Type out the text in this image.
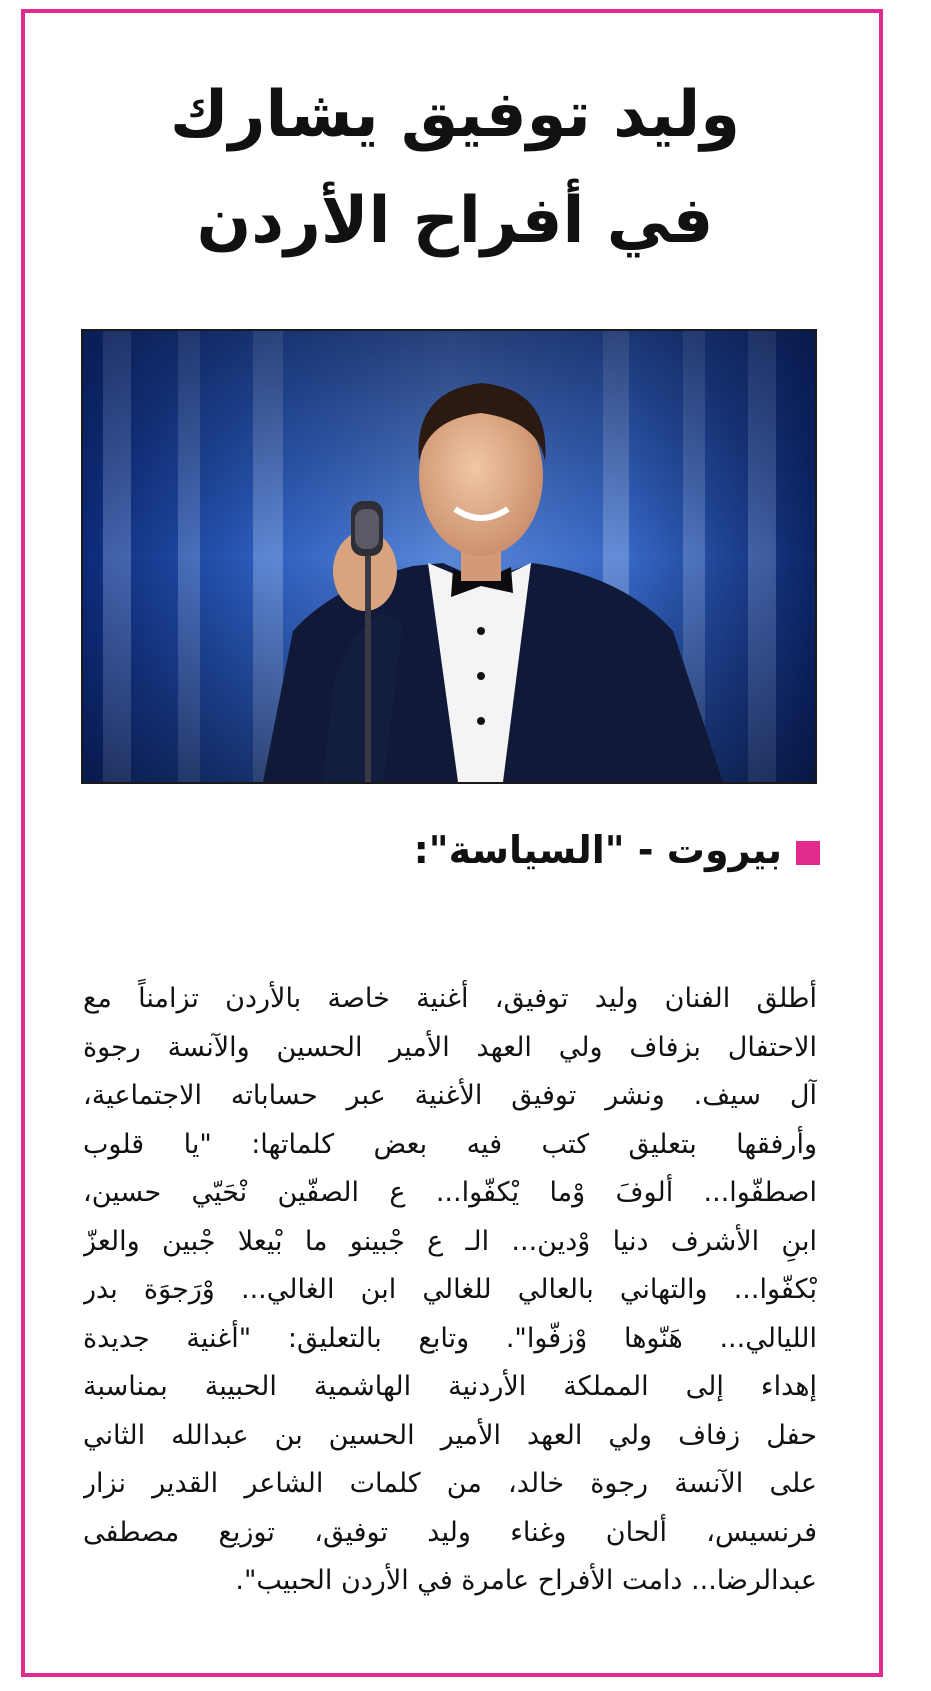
وليد توفيق يشارك
في أفراح الأردن
بيروت - "السياسة":
أطلق الفنان وليد توفيق، أغنية خاصة بالأردن تزامناً مع
الاحتفال بزفاف ولي العهد الأمير الحسين والآنسة رجوة
آل سيف. ونشر توفيق الأغنية عبر حساباته الاجتماعية،
وأرفقها بتعليق كتب فيه بعض كلماتها: "يا قلوب
اصطفّوا... ألوفَ وْما يْكفّوا... ع الصفّين نْحَيّي حسين،
ابنِ الأشرف دنيا وْدين... الـ ع جْبينو ما بْيعلا جْبين والعزّ
بْكفّوا... والتهاني بالعالي للغالي ابن الغالي... وْرَجوَة بدر
الليالي... هَنّوها وْزفّوا". وتابع بالتعليق: "أغنية جديدة
إهداء إلى المملكة الأردنية الهاشمية الحبيبة بمناسبة
حفل زفاف ولي العهد الأمير الحسين بن عبدالله الثاني
على الآنسة رجوة خالد، من كلمات الشاعر القدير نزار
فرنسيس، ألحان وغناء وليد توفيق، توزيع مصطفى
عبدالرضا... دامت الأفراح عامرة في الأردن الحبيب".
